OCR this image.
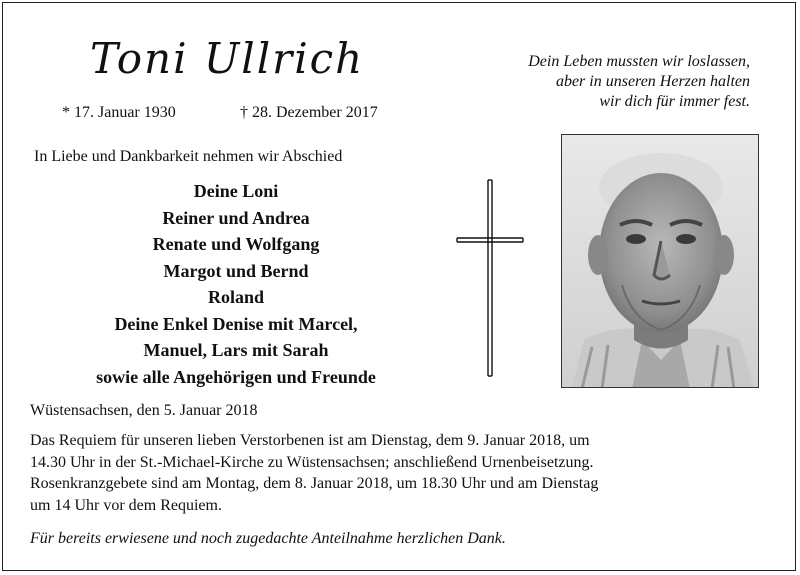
Toni Ullrich	Dein Leben mussten wir loslassen,
aber in unseren Herzen halten
wir dich für immer fest.
* 17. Januar 1930	† 28. Dezember 2017
In Liebe und Dankbarkeit nehmen wir Abschied
Deine Loni
Reiner und Andrea
Renate und Wolfgang
Margot und Bernd
Roland
Deine Enkel Denise mit Marcel,
Manuel, Lars mit Sarah
sowie alle Angehörigen und Freunde
Wüstensachsen, den 5. Januar 2018
Das Requiem für unseren lieben Verstorbenen ist am Dienstag, dem 9. Januar 2018, um
14.30 Uhr in der St.-Michael-Kirche zu Wüstensachsen; anschließend Urnenbeisetzung.
Rosenkranzgebete sind am Montag, dem 8. Januar 2018, um 18.30 Uhr und am Dienstag
um 14 Uhr vor dem Requiem.
Für bereits erwiesene und noch zugedachte Anteilnahme herzlichen Dank.
